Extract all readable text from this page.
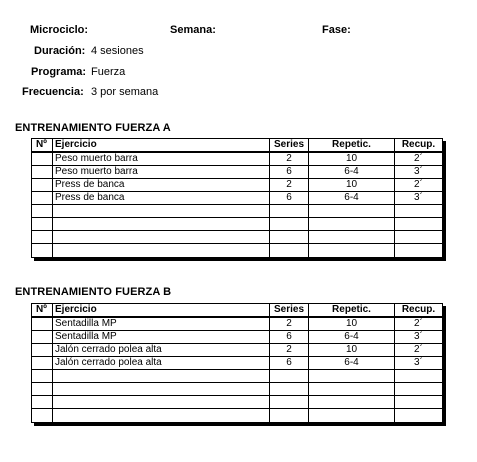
Microciclo:	Semana:	Fase:
Duración: 4 sesiones
Programa: Fuerza
Frecuencia: 3 por semana
ENTRENAMIENTO FUERZA A
Nº Ejercicio	Series	Repetic.	Recup.
Peso muerto barra	2	10	2´
Peso muerto barra	6	6-4	3´
Press de banca	2	10	2´
Press de banca	6	6-4	3´
ENTRENAMIENTO FUERZA B
Nº Ejercicio	Series	Repetic.	Recup.
Sentadilla MP	2	10	2´
Sentadilla MP	6	6-4	3´
Jalón cerrado polea alta	2	10	2´
Jalón cerrado polea alta	6	6-4	3´
